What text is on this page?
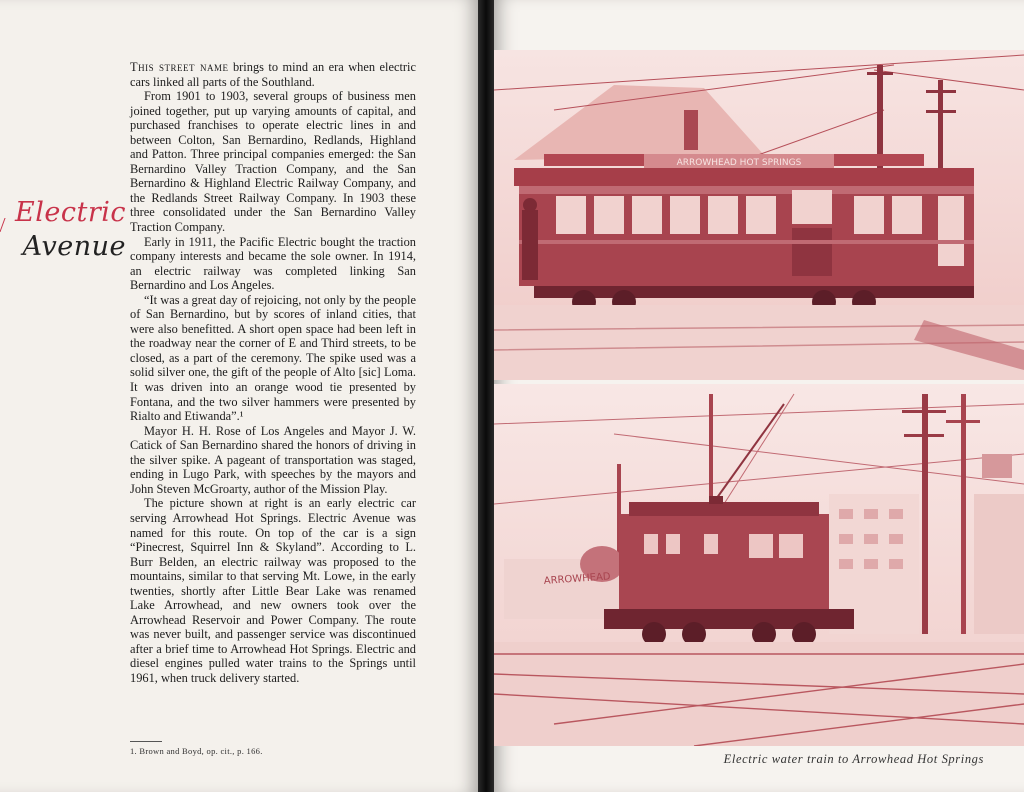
Electric
Avenue

This street name brings to mind an era when electric cars linked all parts of the Southland.

From 1901 to 1903, several groups of business men joined together, put up varying amounts of capital, and purchased franchises to operate electric lines in and between Colton, San Bernardino, Redlands, Highland and Patton. Three principal companies emerged: the San Bernardino Valley Traction Company, and the San Bernardino & Highland Electric Railway Company, and the Redlands Street Railway Company. In 1903 these three consolidated under the San Bernardino Valley Traction Company.

Early in 1911, the Pacific Electric bought the traction company interests and became the sole owner. In 1914, an electric railway was completed linking San Bernardino and Los Angeles.

“It was a great day of rejoicing, not only by the people of San Bernardino, but by scores of inland cities, that were also benefitted. A short open space had been left in the roadway near the corner of E and Third streets, to be closed, as a part of the ceremony. The spike used was a solid silver one, the gift of the people of Alto [sic] Loma. It was driven into an orange wood tie presented by Fontana, and the two silver hammers were presented by Rialto and Etiwanda”.¹

Mayor H. H. Rose of Los Angeles and Mayor J. W. Catick of San Bernardino shared the honors of driving in the silver spike. A pageant of transportation was staged, ending in Lugo Park, with speeches by the mayors and John Steven McGroarty, author of the Mission Play.

The picture shown at right is an early electric car serving Arrowhead Hot Springs. Electric Avenue was named for this route. On top of the car is a sign “Pinecrest, Squirrel Inn & Skyland”. According to L. Burr Belden, an electric railway was proposed to the mountains, similar to that serving Mt. Lowe, in the early twenties, shortly after Little Bear Lake was renamed Lake Arrowhead, and new owners took over the Arrowhead Reservoir and Power Company. The route was never built, and passenger service was discontinued after a brief time to Arrowhead Hot Springs. Electric and diesel engines pulled water trains to the Springs until 1961, when truck delivery started.

1. Brown and Boyd, op. cit., p. 166.
ARROWHEAD HOT SPRINGS
ARROWHEAD
Electric water train to Arrowhead Hot Springs
